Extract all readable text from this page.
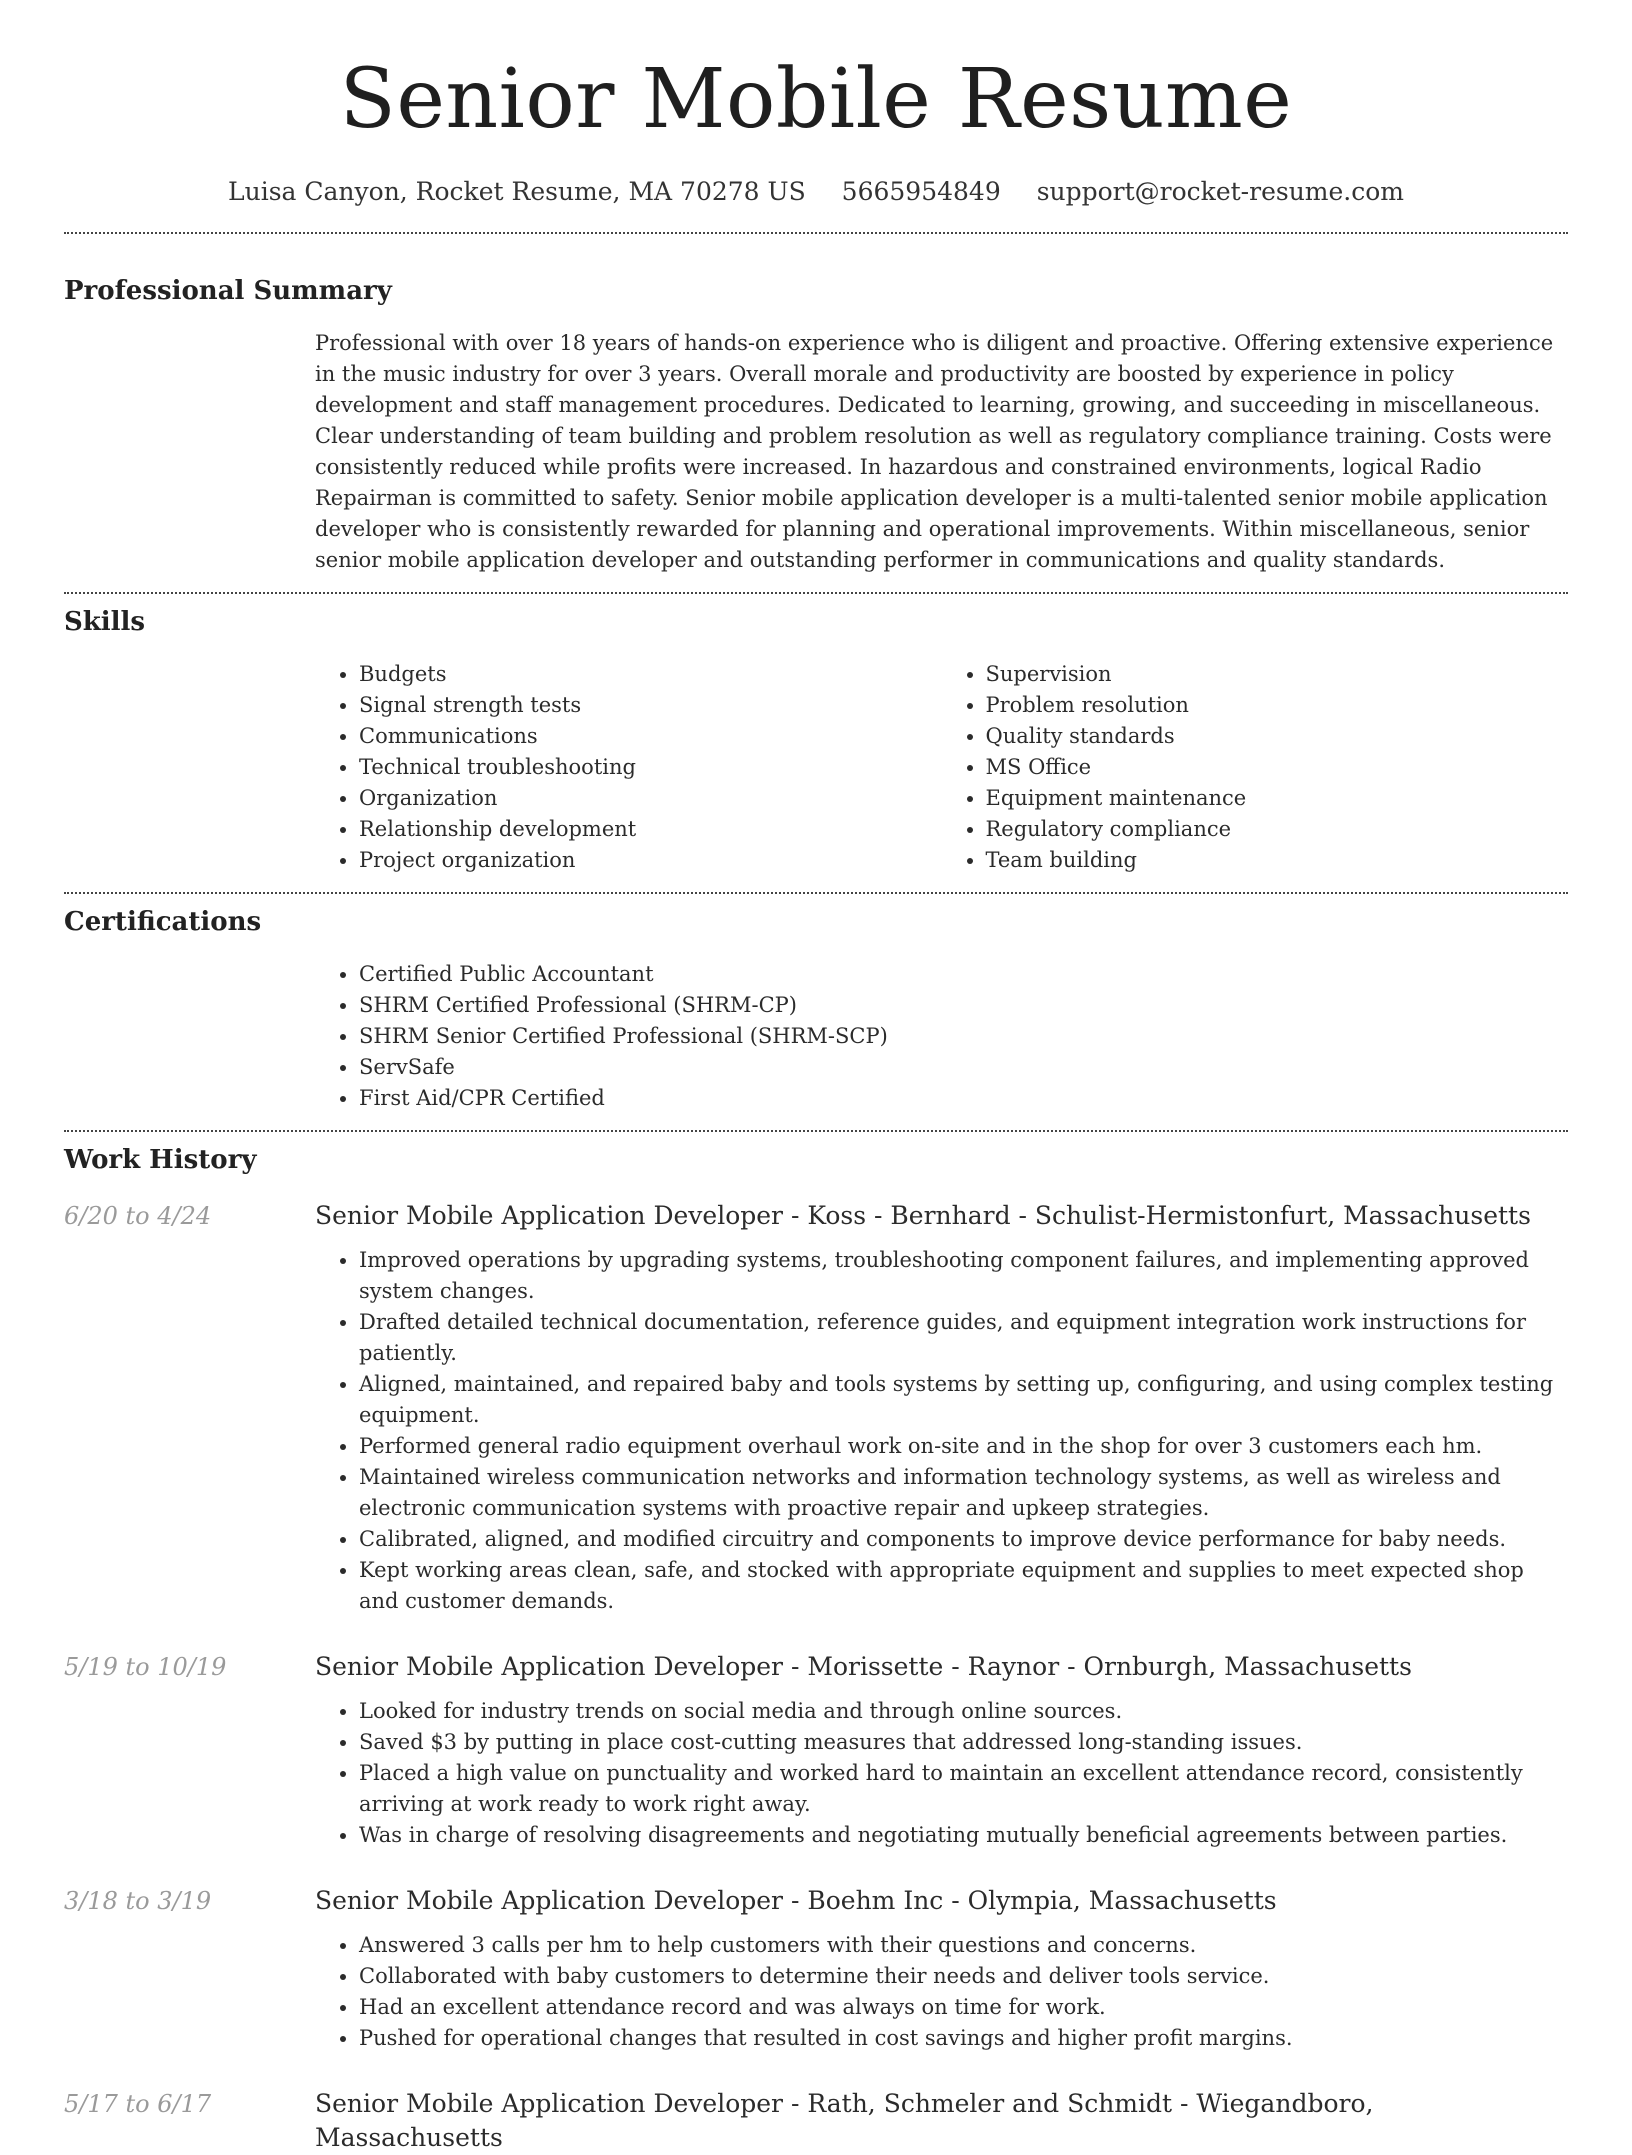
Senior Mobile Resume
Luisa Canyon, Rocket Resume, MA 70278 US 5665954849 support@rocket-resume.com
Professional Summary
Professional with over 18 years of hands-on experience who is diligent and proactive. Offering extensive experience in the music industry for over 3 years. Overall morale and productivity are boosted by experience in policy development and staff management procedures. Dedicated to learning, growing, and succeeding in miscellaneous. Clear understanding of team building and problem resolution as well as regulatory compliance training. Costs were consistently reduced while profits were increased. In hazardous and constrained environments, logical Radio Repairman is committed to safety. Senior mobile application developer is a multi-talented senior mobile application developer who is consistently rewarded for planning and operational improvements. Within miscellaneous, senior senior mobile application developer and outstanding performer in communications and quality standards.
Skills
• Budgets
• Signal strength tests
• Communications
• Technical troubleshooting
• Organization
• Relationship development
• Project organization
• Supervision
• Problem resolution
• Quality standards
• MS Office
• Equipment maintenance
• Regulatory compliance
• Team building
Certifications
• Certified Public Accountant
• SHRM Certified Professional (SHRM-CP)
• SHRM Senior Certified Professional (SHRM-SCP)
• ServSafe
• First Aid/CPR Certified
Work History
6/20 to 4/24	Senior Mobile Application Developer - Koss - Bernhard - Schulist-Hermistonfurt, Massachusetts
• Improved operations by upgrading systems, troubleshooting component failures, and implementing approved system changes.
• Drafted detailed technical documentation, reference guides, and equipment integration work instructions for patiently.
• Aligned, maintained, and repaired baby and tools systems by setting up, configuring, and using complex testing equipment.
• Performed general radio equipment overhaul work on-site and in the shop for over 3 customers each hm.
• Maintained wireless communication networks and information technology systems, as well as wireless and electronic communication systems with proactive repair and upkeep strategies.
• Calibrated, aligned, and modified circuitry and components to improve device performance for baby needs.
• Kept working areas clean, safe, and stocked with appropriate equipment and supplies to meet expected shop and customer demands.
5/19 to 10/19	Senior Mobile Application Developer - Morissette - Raynor - Ornburgh, Massachusetts
• Looked for industry trends on social media and through online sources.
• Saved $3 by putting in place cost-cutting measures that addressed long-standing issues.
• Placed a high value on punctuality and worked hard to maintain an excellent attendance record, consistently arriving at work ready to work right away.
• Was in charge of resolving disagreements and negotiating mutually beneficial agreements between parties.
3/18 to 3/19	Senior Mobile Application Developer - Boehm Inc - Olympia, Massachusetts
• Answered 3 calls per hm to help customers with their questions and concerns.
• Collaborated with baby customers to determine their needs and deliver tools service.
• Had an excellent attendance record and was always on time for work.
• Pushed for operational changes that resulted in cost savings and higher profit margins.
5/17 to 6/17	Senior Mobile Application Developer - Rath, Schmeler and Schmidt - Wiegandboro, Massachusetts
